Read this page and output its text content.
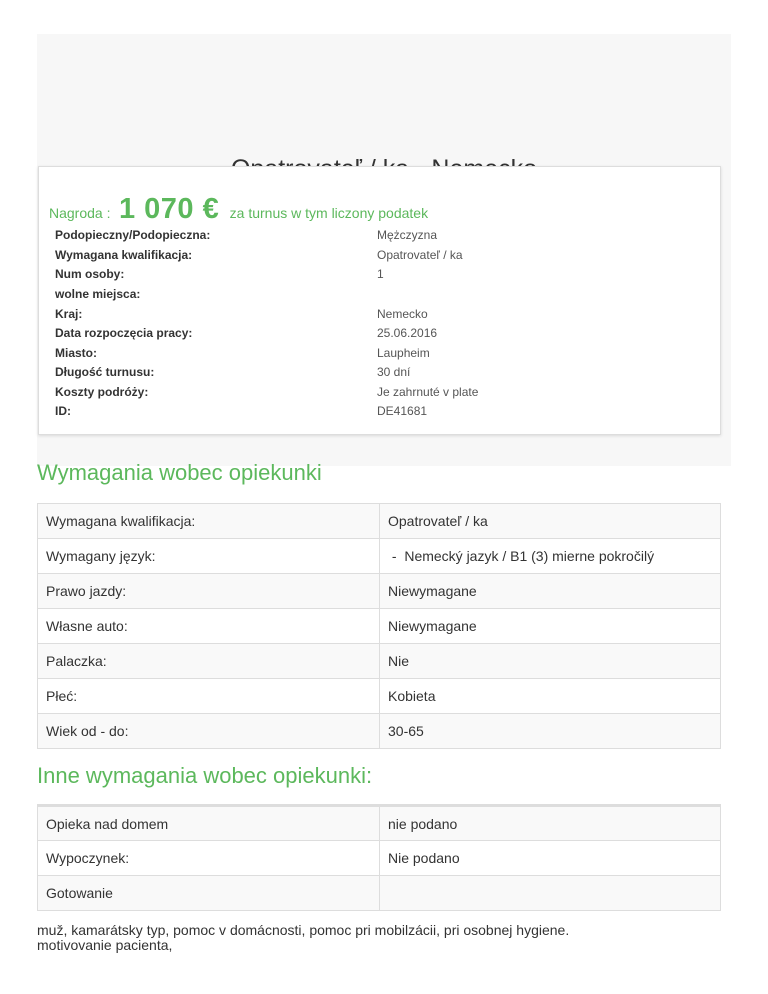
Nagroda : 1 070 € za turnus w tym liczony podatek
Podopieczny/Podopieczna:	Mężczyzna
Wymagana kwalifikacja:	Opatrovateľ / ka
Num osoby:	1
wolne miejsca:
Kraj:	Nemecko
Data rozpoczęcia pracy:	25.06.2016
Miasto:	Laupheim
Długość turnusu:	30 dní
Koszty podróży:	Je zahrnuté v plate
ID:	DE41681
Wymagania wobec opiekunki
Wymagana kwalifikacja:	Opatrovateľ / ka
Wymagany język:	-  Nemecký jazyk / B1 (3) mierne pokročilý
Prawo jazdy:	Niewymagane
Własne auto:	Niewymagane
Palaczka:	Nie
Płeć:	Kobieta
Wiek od - do:	30-65
Inne wymagania wobec opiekunki:
Opieka nad domem	nie podano
Wypoczynek:	Nie podano
Gotowanie	
muž, kamarátsky typ, pomoc v domácnosti, pomoc pri mobilzácii, pri osobnej hygiene.
motivovanie pacienta,
